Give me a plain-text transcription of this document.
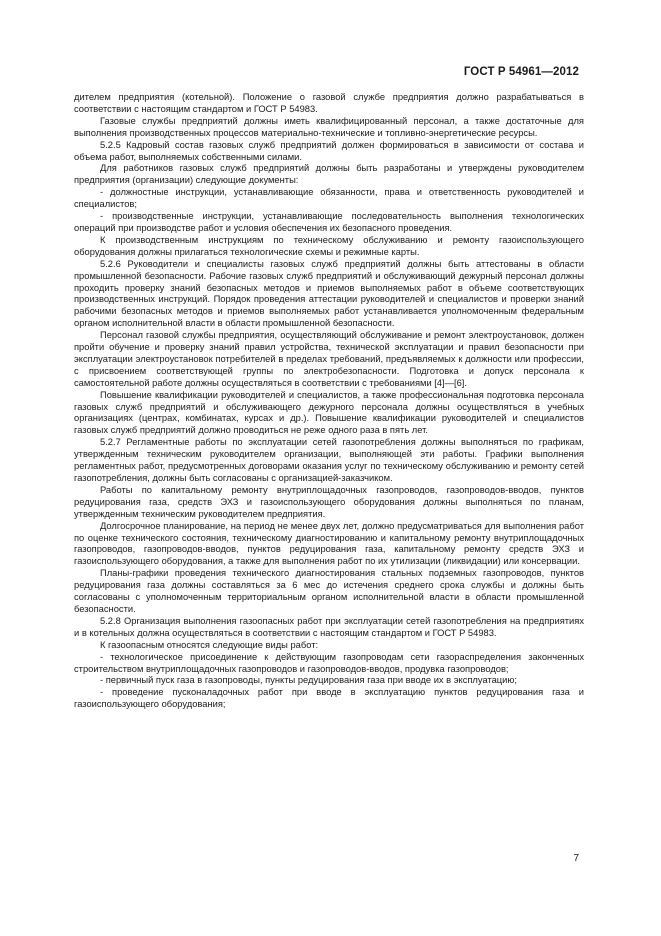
ГОСТ Р 54961—2012

дителем предприятия (котельной). Положение о газовой службе предприятия должно разрабатываться в соответствии с настоящим стандартом и ГОСТ Р 54983.

Газовые службы предприятий должны иметь квалифицированный персонал, а также достаточные для выполнения производственных процессов материально-технические и топливно-энергетические ресурсы.

5.2.5 Кадровый состав газовых служб предприятий должен формироваться в зависимости от состава и объема работ, выполняемых собственными силами.

Для работников газовых служб предприятий должны быть разработаны и утверждены руководителем предприятия (организации) следующие документы:

- должностные инструкции, устанавливающие обязанности, права и ответственность руководителей и специалистов;

- производственные инструкции, устанавливающие последовательность выполнения технологических операций при производстве работ и условия обеспечения их безопасного проведения.

К производственным инструкциям по техническому обслуживанию и ремонту газоиспользующего оборудования должны прилагаться технологические схемы и режимные карты.

5.2.6 Руководители и специалисты газовых служб предприятий должны быть аттестованы в области промышленной безопасности. Рабочие газовых служб предприятий и обслуживающий дежурный персонал должны проходить проверку знаний безопасных методов и приемов выполняемых работ в объеме соответствующих производственных инструкций. Порядок проведения аттестации руководителей и специалистов и проверки знаний рабочими безопасных методов и приемов выполняемых работ устанавливается уполномоченным федеральным органом исполнительной власти в области промышленной безопасности.

Персонал газовой службы предприятия, осуществляющий обслуживание и ремонт электроустановок, должен пройти обучение и проверку знаний правил устройства, технической эксплуатации и правил безопасности при эксплуатации электроустановок потребителей в пределах требований, предъявляемых к должности или профессии, с присвоением соответствующей группы по электробезопасности. Подготовка и допуск персонала к самостоятельной работе должны осуществляться в соответствии с требованиями [4]—[6].

Повышение квалификации руководителей и специалистов, а также профессиональная подготовка персонала газовых служб предприятий и обслуживающего дежурного персонала должны осуществляться в учебных организациях (центрах, комбинатах, курсах и др.). Повышение квалификации руководителей и специалистов газовых служб предприятий должно проводиться не реже одного раза в пять лет.

5.2.7 Регламентные работы по эксплуатации сетей газопотребления должны выполняться по графикам, утвержденным техническим руководителем организации, выполняющей эти работы. Графики выполнения регламентных работ, предусмотренных договорами оказания услуг по техническому обслуживанию и ремонту сетей газопотребления, должны быть согласованы с организацией-заказчиком.

Работы по капитальному ремонту внутриплощадочных газопроводов, газопроводов-вводов, пунктов редуцирования газа, средств ЭХЗ и газоиспользующего оборудования должны выполняться по планам, утвержденным техническим руководителем предприятия.

Долгосрочное планирование, на период не менее двух лет, должно предусматриваться для выполнения работ по оценке технического состояния, техническому диагностированию и капитальному ремонту внутриплощадочных газопроводов, газопроводов-вводов, пунктов редуцирования газа, капитальному ремонту средств ЭХЗ и газоиспользующего оборудования, а также для выполнения работ по их утилизации (ликвидации) или консервации.

Планы-графики проведения технического диагностирования стальных подземных газопроводов, пунктов редуцирования газа должны составляться за 6 мес до истечения среднего срока службы и должны быть согласованы с уполномоченным территориальным органом исполнительной власти в области промышленной безопасности.

5.2.8 Организация выполнения газоопасных работ при эксплуатации сетей газопотребления на предприятиях и в котельных должна осуществляться в соответствии с настоящим стандартом и ГОСТ Р 54983.

К газоопасным относятся следующие виды работ:

- технологическое присоединение к действующим газопроводам сети газораспределения законченных строительством внутриплощадочных газопроводов и газопроводов-вводов, продувка газопроводов;

- первичный пуск газа в газопроводы, пункты редуцирования газа при вводе их в эксплуатацию;

- проведение пусконаладочных работ при вводе в эксплуатацию пунктов редуцирования газа и газоиспользующего оборудования;

7
